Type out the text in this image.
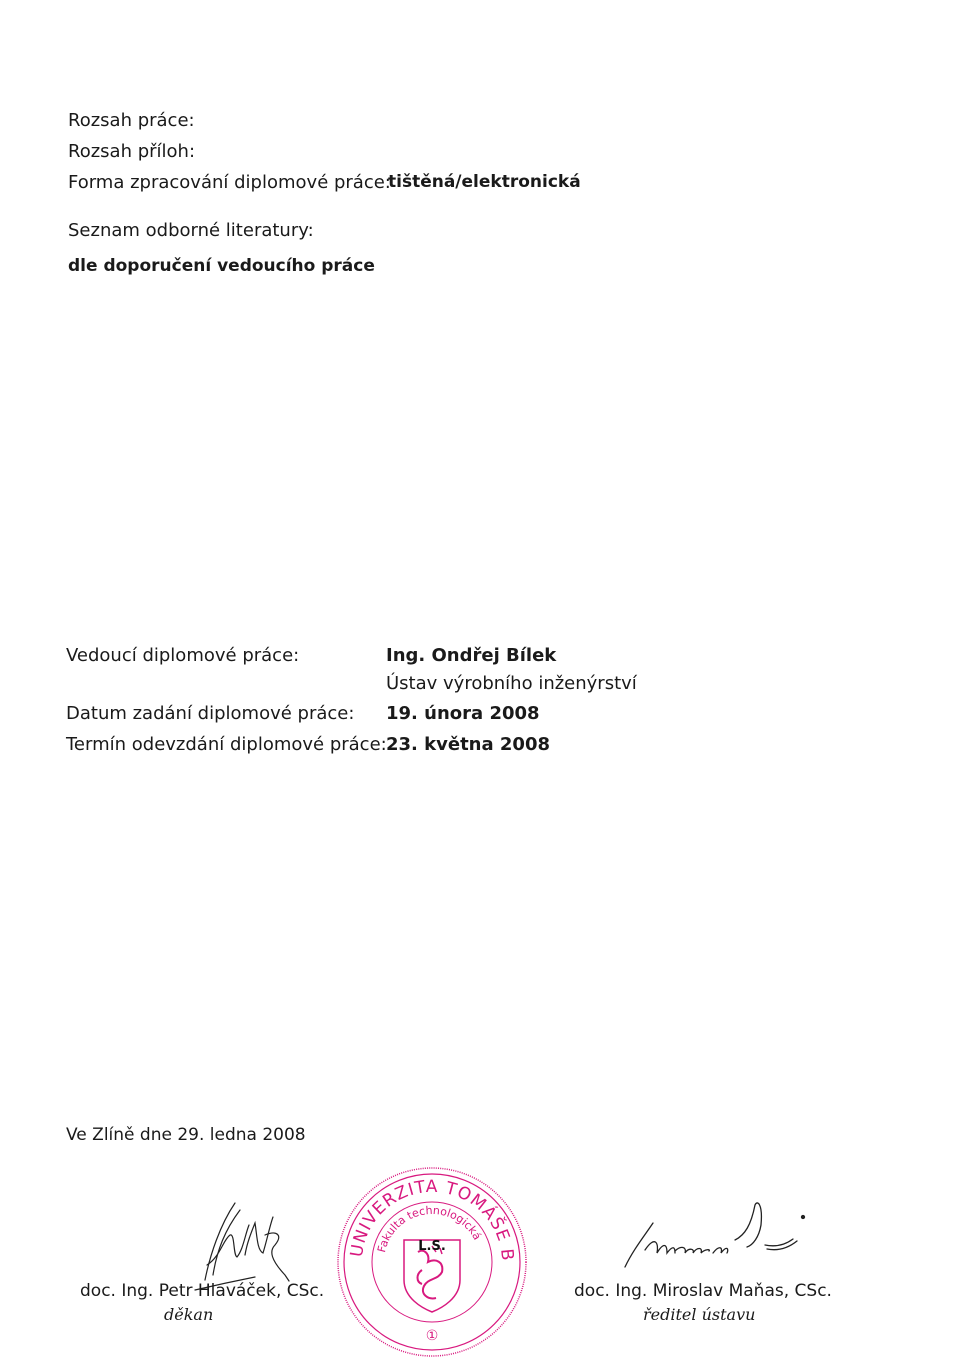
Rozsah práce:
Rozsah příloh:
Forma zpracování diplomové práce:
tištěná/elektronická
Seznam odborné literatury:
dle doporučení vedoucího práce
Vedoucí diplomové práce:	Ing. Ondřej Bílek
Ústav výrobního inženýrství
Datum zadání diplomové práce: 19. února 2008
Termín odevzdání diplomové práce: 23. května 2008
Ve Zlíně dne 29. ledna 2008
doc. Ing. Petr Hlaváček, CSc.
děkan
UNIVERZITA TOMÁŠE BATI VE ZLÍNĚ
Fakulta technologická
L.S.
①
doc. Ing. Miroslav Maňas, CSc.
ředitel ústavu
